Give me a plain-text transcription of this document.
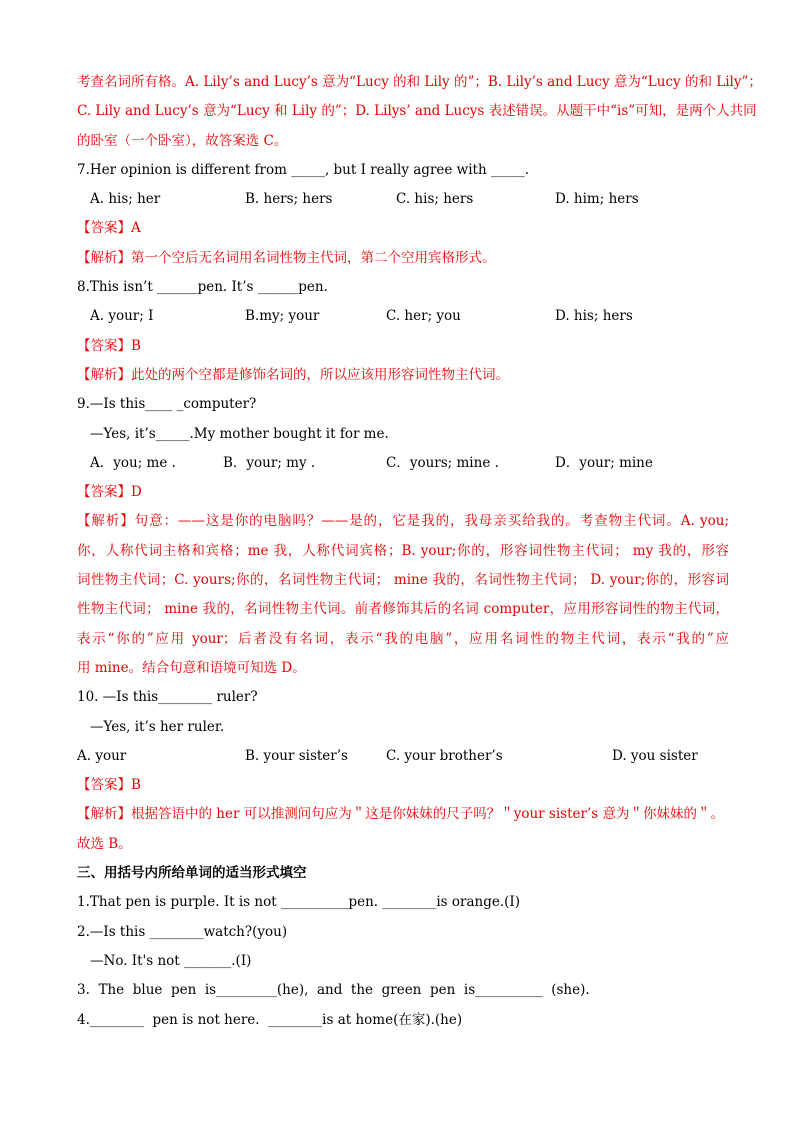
考查名词所有格。A. Lily’s and Lucy’s 意为“Lucy 的和 Lily 的”；B. Lily’s and Lucy 意为“Lucy 的和 Lily”；
C. Lily and Lucy’s 意为“Lucy 和 Lily 的”；D. Lilys’ and Lucys 表述错误。从题干中“is”可知，是两个人共同
的卧室（一个卧室），故答案选 C。
7.Her opinion is different from _____, but I really agree with _____.
A. his; her	B. hers; hers	C. his; hers	D. him; hers
【答案】A
【解析】第一个空后无名词用名词性物主代词，第二个空用宾格形式。
8.This isn’t ______pen. It’s ______pen.
A. your; I	B.my; your	C. her; you	D. his; hers
【答案】B
【解析】此处的两个空都是修饰名词的，所以应该用形容词性物主代词。
9.—Is this____ _computer?
—Yes, it’s_____.My mother bought it for me.
A．you; me .	B．your; my .	C．yours; mine .	D．your; mine
【答案】D
【解析】句意：——这是你的电脑吗？——是的，它是我的，我母亲买给我的。考查物主代词。A. you;
你，人称代词主格和宾格；me 我，人称代词宾格；B. your;你的，形容词性物主代词； my 我的，形容
词性物主代词；C. yours;你的，名词性物主代词； mine 我的，名词性物主代词； D. your;你的，形容词
性物主代词； mine 我的，名词性物主代词。前者修饰其后的名词 computer，应用形容词性的物主代词，
表示“你的”应用 your；后者没有名词，表示“我的电脑”，应用名词性的物主代词，表示“我的”应
用 mine。结合句意和语境可知选 D。
10. —Is this________ ruler?
—Yes, it’s her ruler.
A. your	B. your sister’s	C. your brother’s	D. you sister
【答案】B
【解析】根据答语中的 her 可以推测问句应为＂这是你妹妹的尺子吗？＂your sister’s 意为＂你妹妹的＂。
故选 B。
三、用括号内所给单词的适当形式填空
1.That pen is purple. It is not __________pen. ________is orange.(I)
2.—Is this ________watch?(you)
—No. It's not _______.(I)
3.  The  blue  pen  is_________(he),  and  the  green  pen  is__________  (she).
4.________  pen is not here.  ________is at home(在家).(he)
